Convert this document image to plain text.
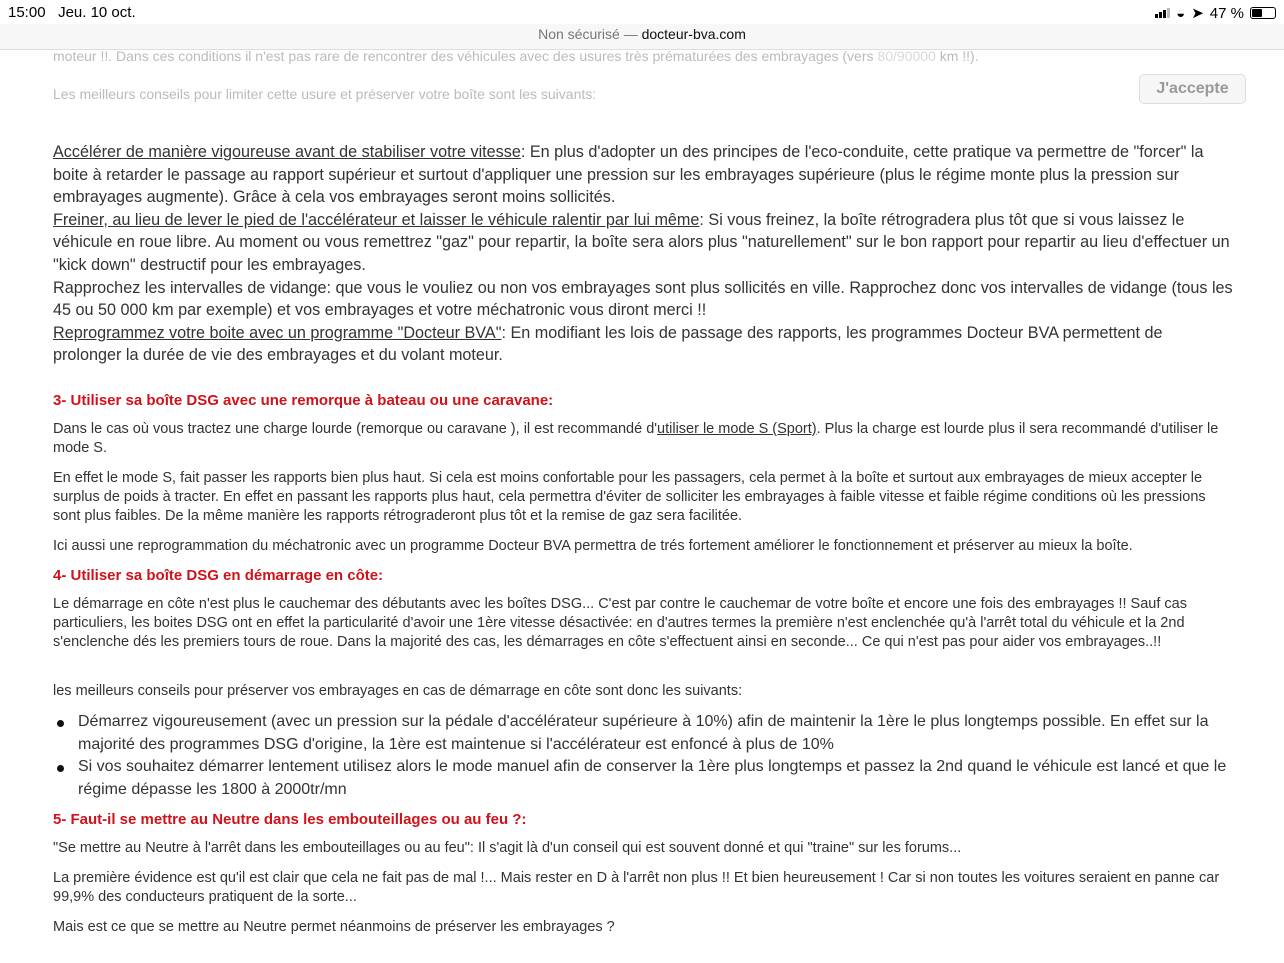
15:00 Jeu. 10 oct.	◒ ➤ 47 %
Non sécurisé — docteur-bva.com
moteur !!. Dans ces conditions il n'est pas rare de rencontrer des véhicules avec des usures très prématurées des embrayages (vers 80/90000 km !!).
Les meilleurs conseils pour limiter cette usure et préserver votre boîte sont les suivants:	J'accepte

Accélérer de manière vigoureuse avant de stabiliser votre vitesse: En plus d'adopter un des principes de l'eco-conduite, cette pratique va permettre de "forcer" la boite à retarder le passage au rapport supérieur et surtout d'appliquer une pression sur les embrayages supérieure (plus le régime monte plus la pression sur embrayages augmente). Grâce à cela vos embrayages seront moins sollicités.

Freiner, au lieu de lever le pied de l'accélérateur et laisser le véhicule ralentir par lui même: Si vous freinez, la boîte rétrogradera plus tôt que si vous laissez le véhicule en roue libre. Au moment ou vous remettrez "gaz" pour repartir, la boîte sera alors plus "naturellement" sur le bon rapport pour repartir au lieu d'effectuer un "kick down" destructif pour les embrayages.

Rapprochez les intervalles de vidange: que vous le vouliez ou non vos embrayages sont plus sollicités en ville. Rapprochez donc vos intervalles de vidange (tous les 45 ou 50 000 km par exemple) et vos embrayages et votre méchatronic vous diront merci !!

Reprogrammez votre boite avec un programme "Docteur BVA": En modifiant les lois de passage des rapports, les programmes Docteur BVA permettent de prolonger la durée de vie des embrayages et du volant moteur.

3- Utiliser sa boîte DSG avec une remorque à bateau ou une caravane:

Dans le cas où vous tractez une charge lourde (remorque ou caravane ), il est recommandé d'utiliser le mode S (Sport). Plus la charge est lourde plus il sera recommandé d'utiliser le mode S.

En effet le mode S, fait passer les rapports bien plus haut. Si cela est moins confortable pour les passagers, cela permet à la boîte et surtout aux embrayages de mieux accepter le surplus de poids à tracter. En effet en passant les rapports plus haut, cela permettra d'éviter de solliciter les embrayages à faible vitesse et faible régime conditions où les pressions sont plus faibles. De la même manière les rapports rétrograderont plus tôt et la remise de gaz sera facilitée.

Ici aussi une reprogrammation du méchatronic avec un programme Docteur BVA permettra de trés fortement améliorer le fonctionnement et préserver au mieux la boîte.

4- Utiliser sa boîte DSG en démarrage en côte:

Le démarrage en côte n'est plus le cauchemar des débutants avec les boîtes DSG... C'est par contre le cauchemar de votre boîte et encore une fois des embrayages !! Sauf cas particuliers, les boites DSG ont en effet la particularité d'avoir une 1ère vitesse désactivée: en d'autres termes la première n'est enclenchée qu'à l'arrêt total du véhicule et la 2nd s'enclenche dés les premiers tours de roue. Dans la majorité des cas, les démarrages en côte s'effectuent ainsi en seconde... Ce qui n'est pas pour aider vos embrayages..!!

les meilleurs conseils pour préserver vos embrayages en cas de démarrage en côte sont donc les suivants:

Démarrez vigoureusement (avec un pression sur la pédale d'accélérateur supérieure à 10%) afin de maintenir la 1ère le plus longtemps possible. En effet sur la majorité des programmes DSG d'origine, la 1ère est maintenue si l'accélérateur est enfoncé à plus de 10%
Si vos souhaitez démarrer lentement utilisez alors le mode manuel afin de conserver la 1ère plus longtemps et passez la 2nd quand le véhicule est lancé et que le régime dépasse les 1800 à 2000tr/mn
5- Faut-il se mettre au Neutre dans les embouteillages ou au feu ?:

"Se mettre au Neutre à l'arrêt dans les embouteillages ou au feu": Il s'agit là d'un conseil qui est souvent donné et qui "traine" sur les forums...

La première évidence est qu'il est clair que cela ne fait pas de mal !... Mais rester en D à l'arrêt non plus !! Et bien heureusement ! Car si non toutes les voitures seraient en panne car 99,9% des conducteurs pratiquent de la sorte...

Mais est ce que se mettre au Neutre permet néanmoins de préserver les embrayages ?
